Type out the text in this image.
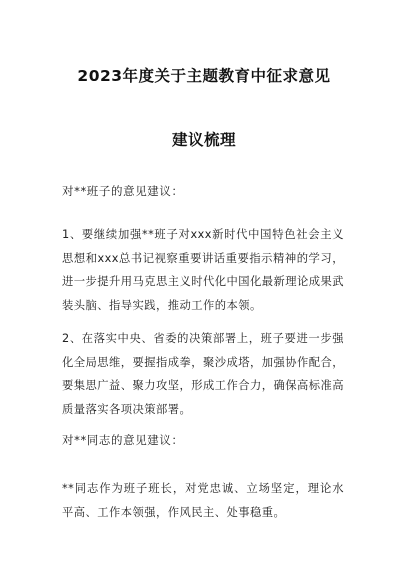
2023年度关于主题教育中征求意见
建议梳理
对**班子的意见建议：

1、要继续加强**班子对xxx新时代中国特色社会主义思想和xxx总书记视察重要讲话重要指示精神的学习，进一步提升用马克思主义时代化中国化最新理论成果武装头脑、指导实践，推动工作的本领。

2、在落实中央、省委的决策部署上，班子要进一步强化全局思维，要握指成拳，聚沙成塔，加强协作配合，要集思广益、聚力攻坚，形成工作合力，确保高标准高质量落实各项决策部署。

对**同志的意见建议：

**同志作为班子班长，对党忠诚、立场坚定，理论水平高、工作本领强，作风民主、处事稳重。
